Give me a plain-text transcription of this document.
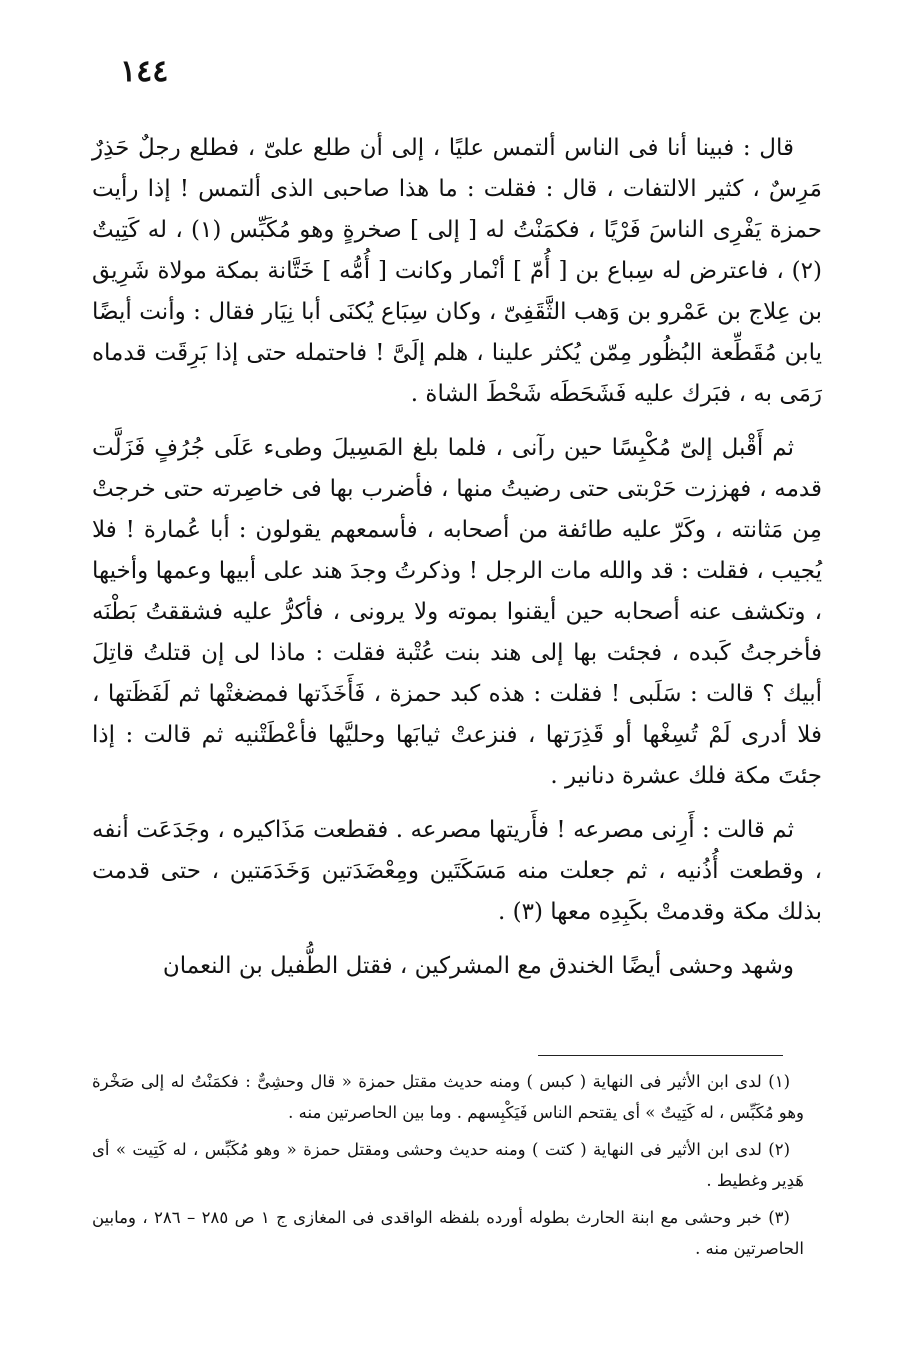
١٤٤

قال : فبينا أنا فى الناس ألتمس عليًا ، إلى أن طلع علىّ ، فطلع رجلٌ حَذِرٌ مَرِسٌ ، كثير الالتفات ، قال : فقلت : ما هذا صاحبى الذى ألتمس ! إذا رأيت حمزة يَفْرِى الناسَ فَرْيًا ، فكمَنْتُ له [ إلى ] صخرةٍ وهو مُكَبِّس (١) ، له كَتِيتٌ (٢) ، فاعترض له سِباع بن [ أُمّ ] أنْمار وكانت [ أُمُّه ] خَتَّانة بمكة مولاة شَرِيق بن عِلاج بن عَمْرو بن وَهب الثَّقَفِىّ ، وكان سِبَاع يُكنَى أبا نِيَار فقال : وأنت أيضًا يابن مُقَطِّعة البُظُور مِمّن يُكثر علينا ، هلم إلَىَّ ! فاحتمله حتى إذا بَرِقَت قدماه رَمَى به ، فبَرك عليه فَشَحَطَه شَحْطَ الشاة .

ثم أَقْبل إلىّ مُكْبِسًا حين رآنى ، فلما بلغ المَسِيلَ وطىء عَلَى جُرُفٍ فَزَلَّت قدمه ، فهززت حَرْبتى حتى رضيتُ منها ، فأضرب بها فى خاصِرته حتى خرجتْ مِن مَثانته ، وكَرّ عليه طائفة من أصحابه ، فأسمعهم يقولون : أبا عُمارة ! فلا يُجيب ، فقلت : قد والله مات الرجل ! وذكرتُ وجدَ هند على أبيها وعمها وأخيها ، وتكشف عنه أصحابه حين أيقنوا بموته ولا يرونى ، فأكرُّ عليه فشققتُ بَطْنَه فأخرجتُ كَبده ، فجئت بها إلى هند بنت عُتْبة فقلت : ماذا لى إن قتلتُ قاتِلَ أبيك ؟ قالت : سَلَبى ! فقلت : هذه كبد حمزة ، فَأَخَذَتها فمضغتْها ثم لَفَظَتها ، فلا أدرى لَمْ تُسِغْها أو قَذِرَتها ، فنزعتْ ثيابَها وحليَّها فأعْطَتْنيه ثم قالت : إذا جئتَ مكة فلك عشرة دنانير .

ثم قالت : أَرِنى مصرعه ! فأَريتها مصرعه . فقطعت مَذَاكيره ، وجَدَعَت أنفه ، وقطعت أُذُنيه ، ثم جعلت منه مَسَكَتَين ومِعْضَدَتين وَخَدَمَتين ، حتى قدمت بذلك مكة وقدمتْ بكَبِدِه معها (٣) .

وشهد وحشى أيضًا الخندق مع المشركين ، فقتل الطُّفيل بن النعمان

(١) لدى ابن الأثير فى النهاية ( كبس ) ومنه حديث مقتل حمزة « قال وحشِىٌّ : فكمَنْتُ له إلى صَخْرة وهو مُكَبِّس ، له كَتِيتٌ » أى يقتحم الناس فَيَكْبِسهم . وما بين الحاصرتين منه .

(٢) لدى ابن الأثير فى النهاية ( كتت ) ومنه حديث وحشى ومقتل حمزة « وهو مُكَبِّس ، له كَتِيت » أى هَدِير وغطيط .

(٣) خبر وحشى مع ابنة الحارث بطوله أورده بلفظه الواقدى فى المغازى ج ١ ص ٢٨٥ – ٢٨٦ ، ومابين الحاصرتين منه .
